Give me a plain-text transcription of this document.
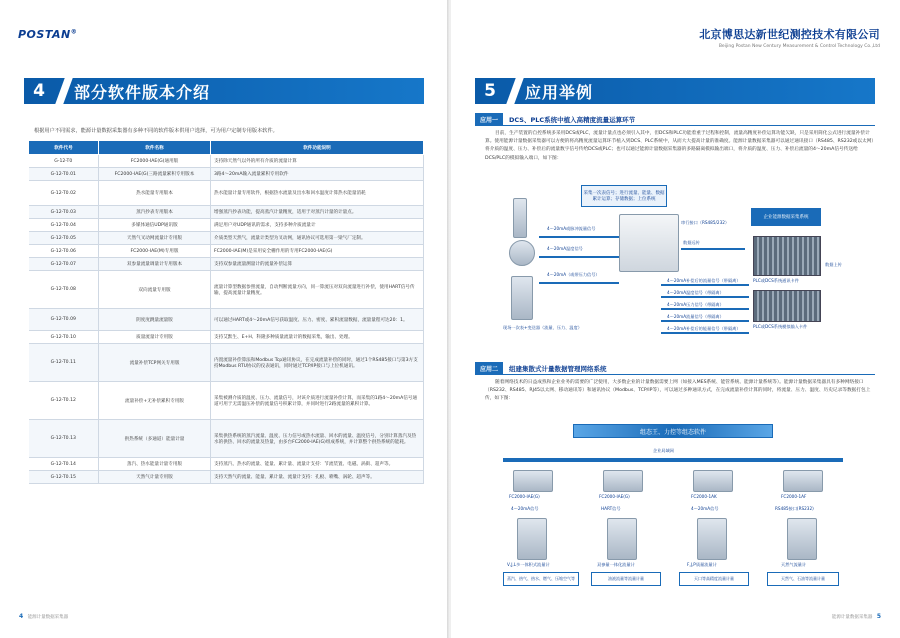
POSTAN®
4	部分软件版本介绍
根据用户不同需求，能源计量数据采集器有多种不同的软件版本供用户选择，可为用户定制专用版本软件。
软件代号	软件名称	软件功能说明
G-12-T0	FC2000-IAE(G)通用版	支持除天然气以外的所有介质的流量计算
G-12-T0.01	FC2000-IAE(G)三路流量累积专用版本	3路4～20mA输入流量累积专用软件
G-12-T0.02	热水能量专用版本	热水能量计量专用软件，根据热水流量及出水和回水温度计算热水能量消耗
G-12-T0.03	蒸汽抄表专用版本	增强蒸汽抄表功能，提高蒸汽计量精度，适用于对蒸汽计量的计量点。
G-12-T0.04	多媒体通信UDP通讯版	满足用户对UDP通讯的需求，支持多种介质流量计
G-12-T0.05	天然气叉动网流量计专用版	介质类型天然气，流量计类型为叉动网，通讯协议可选用第一梁气厂定制。
G-12-T0.06	FC2000-IAE(M)专用版	FC2000-IAE(M)是采用安全栅作用的专用FC2000-IAE(G)
G-12-T0.07	双参量流量调量计专用版本	支持双参量流量测量计的流量补偿运算
G-12-T0.08	双向流量专用版	流量计算型数据参照流量，自动判断流量方向，同一算流压对双向流量进行补偿，使用HART信号传输，提高流量计量精度。
G-12-T0.09	阴度度跳量流量版	可以通过HART或4～20mA信号获取温度、压力、密度、累积流量数据，流量量程可达20：1。
G-12-T0.10	质量流量计专用版	支持艾默生、E+H、科隆多种质量流量计的数据采集，输出、处理。
G-12-T0.11	流量补偿TCP网关专用版	内置流量补偿算法和Modbus Tcp通讯协议，在完成流量补偿的同时，通过1个RS485接口与第3方支持Modbus RTU协议的仪表通讯，同时通过TCP/IP接口与上位机通讯。
G-12-T0.12	流量补偿+无补偿累积专用版	采集被测介质的温度、压力、流量信号，对该介质进行流量补偿计算，而采集的1路4～20mA信号通道可用于无需温压补偿的流量信号积累计算，并同时进行2路流量的累积计算。
G-12-T0.13	供热系统（多通道）能量计量	采集供热系统的蒸汽流量、温度、压力信号或热水流量、回水的流量、温度信号，分别计算蒸汽及热水的供热、回水的流量及热量，由多台FC2000-IAE(G)组成系统，并计算整个供热系统的能耗。
G-12-T0.14	蒸汽、热水能量计量专用版	支持蒸汽、热水的流量、能量、累计量、流量计支持：节流装置、电磁、涡街、超声等。
G-12-T0.15	天然气计量专用版	支持天然气的流量、能量、累计量、流量计支持：孔板、喷嘴、涡轮、超声等。
4 能源计量数据采集器
北京博思达新世纪测控技术有限公司
Beijing Postan New Century Measurement & Control Technology Co.,Ltd
5	应用举例
应用一	DCS、PLC系统中植入高精度流量运算环节
目前，生产装置的自控系统多采用DCS或PLC，流量计量点也必须引入其中，但DCS和PLC功能着重于过程和控制，流量高精度补偿运算功能欠缺，只是采用简化公式进行流量补偿计算。使用能源计量数据采集器可以方便的将高精度流量运算环节植入到DCS、PLC系统中，从而大大提高计量的准确度。能源计量数据采集器可以通过通讯接口（RS485、RS232或以太网）将介质的温度、压力、补偿后的流量数字信号传给DCS或PLC；也可以通过能源计量数据采集器的多路隔离模拟输出端口，将介质的温度、压力、补偿后流量的4～20mA信号传送给DCS/PLC的模拟输入端口，如下图：
采集一次表信号；进行流量、能量、数据累计运算；存储数据；上位系统
现场一次表+变送器（流量、压力、温度）
4～20mA或脉冲流量信号
4～20mA温度信号
4～20mA（或带压力信号）
串行接口（RS485/232）
数据远传
企业能源数据采集系统
PLC或DCS系统通讯卡件
PLC或DCS系统模拟输入卡件
数据上传
4～20mA补偿后的流量信号（带隔离）
4～20mA温度信号（带隔离）
4～20mA压力信号（带隔离）
4～20mA流量信号（带隔离）
4～20mA补偿后的能量信号（带隔离）
应用二	组建集散式计量数据管理网络系统
随着网络技术的日益成熟和企业业务的需要的广泛使用，大多数企业的计量数据需要上网（如接入MES系统、能管系统、能源计量系统等）。能源计量数据采集器具有多种网络接口（RS232、RS485、RJ45以太网、移动通讯等）和通讯协议（Modbus、TCP/IP等），可以通过多种通讯方式，在完成流量补偿计算的同时，将流量、压力、温度、历史记录等数据打包上传，如下图：
组态王、力控等组态软件
企业局域网
FC2000-IAE(G)	FC2000-IAE(G)	FC2000-1AK	FC2000-1AF
4～20mA信号	HART信号	4～20mA信号	RS485接口(RS232)
V,J,L多一体积式流量计	双参量一体化流量计	F,J,P质量流量计	天然气流量计
蒸汽、热气、热水、燃气、压缩空气等	油液流量等流量计量	天口等高精度流量计量	天然气、石油等流量计量
能源计量数据采集器 5
